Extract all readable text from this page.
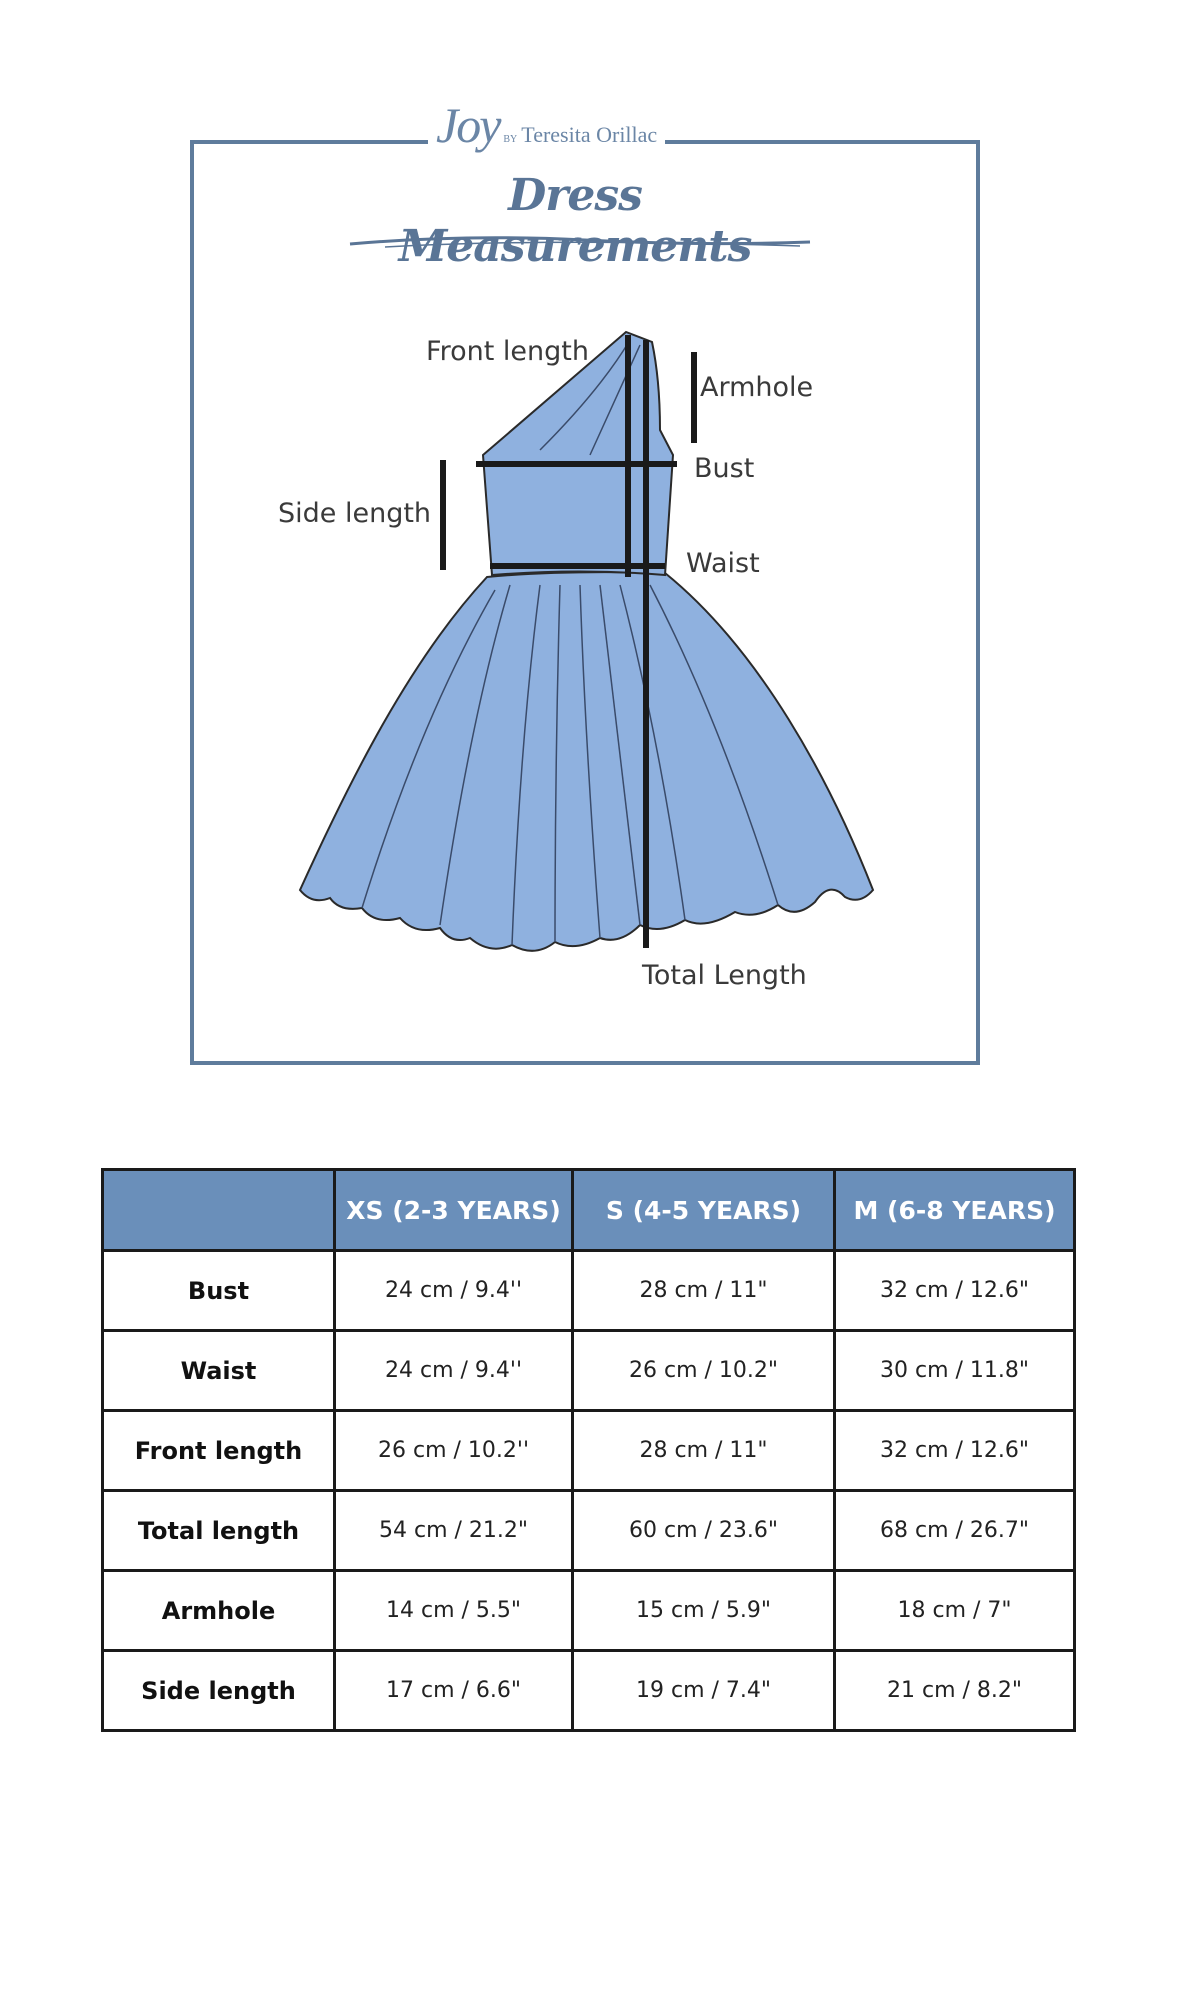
Joy BY Teresita Orillac
Dress Measurements
Front length
Armhole
Bust
Side length
Waist
Total Length
	XS (2-3 YEARS)	S (4-5 YEARS)	M (6-8 YEARS)
Bust	24 cm / 9.4''	28 cm / 11"	32 cm / 12.6"
Waist	24 cm / 9.4''	26 cm / 10.2"	30 cm / 11.8"
Front length	26 cm / 10.2''	28 cm / 11"	32 cm / 12.6"
Total length	54 cm / 21.2"	60 cm / 23.6"	68 cm / 26.7"
Armhole	14 cm / 5.5"	15 cm / 5.9"	18 cm / 7"
Side length	17 cm / 6.6"	19 cm / 7.4"	21 cm / 8.2"
